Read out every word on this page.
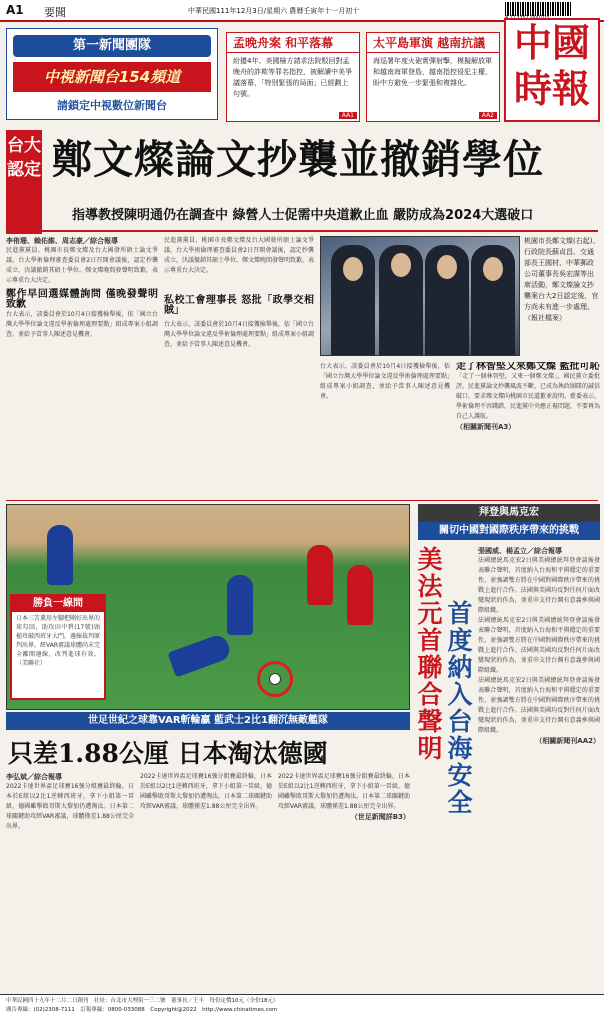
A1 要聞	中華民國111年12月3日/星期六 農曆壬寅年十一月初十
第一新聞團隊
中視新聞台154頻道
請鎖定中視數位新聞台
孟晚舟案 和平落幕
紛擾4年、美國檢方請求法院駁回對孟晚舟的詐欺等罪名指控，被解讀中美爭議落幕，「特別緊張的局面」已經劃上句號。
AA1
太平島軍演 越南抗議
海巡署年度火砲實彈射擊，模擬解放軍和越南海軍登島，越南指控侵犯主權，盼中方避免一步緊張和複雜化。
AA2
中國
時報
台大認定 鄭文燦論文抄襲並撤銷學位
指導教授陳明通仍在調查中 綠營人士促需中央道歉止血 嚴防成為2024大選破口
李侑珊、賴佑維、周志豪／綜合報導
民進黨黨員、桃園市長鄭文燦及台大國發所碩士論文爭議，台大學術倫理審查委員會2日召開會議後，認定抄襲成立，決議撤銷其碩士學位。鄭文燦晚間發聲明致歉，表示尊重台大決定。
鄭作早回選媒體詢問 僅晚發聲明致歉
台大表示，該委員會於10月4日接獲檢舉後，依「國立台灣大學學位論文違反學術倫理處理要點」組成專案小組調查，並給予當事人陳述意見機會。
民進黨黨員、桃園市長鄭文燦及台大國發所碩士論文爭議，台大學術倫理審查委員會2日召開會議後，認定抄襲成立，決議撤銷其碩士學位。鄭文燦晚間發聲明致歉，表示尊重台大決定。
私校工會理事長 怒批「政學交相賊」
台大表示，該委員會於10月4日接獲檢舉後，依「國立台灣大學學位論文違反學術倫理處理要點」組成專案小組調查，並給予當事人陳述意見機會。
桃園市長鄭文燦(右起)、行政院長蘇貞昌、交通部長王國材、中華郵政公司董事長吳宏謀等出席活動，鄭文燦論文抄襲案台大2日認定後，官方尚未有進一步處理。（報社檔案）
台大表示，該委員會於10月4日接獲檢舉後，依「國立台灣大學學位論文違反學術倫理處理要點」組成專案小組調查，並給予當事人陳述意見機會。
走了林智堅又來鄭文燦 藍批可恥
「走了一個林智堅，又來一個鄭文燦」，國民黨立委批評，民進黨論文抄襲風波不斷，已成為執政團隊的誠信破口，要求鄭文燦向桃園市民道歉並說明。藍委表示，學術倫理不容踐踏，民進黨中央應正視問題，不要再為自己人護航。
（相關新聞刊A3）
勝負一線間
日本三笘薰用左腳把剛好出界的球勾回，助攻田中碧(17號)頭槌攻破西班牙大門，邊線裁判原判出界，經VAR審議球體尚未完全離開邊線，改判進球有效。（美聯社）
世足世紀之球靠VAR斬輪贏 藍武士2比1翻沉無敵艦隊
只差1.88公厘 日本淘汰德國
李弘斌／綜合報導
2022卡達世界盃足球賽16強分組賽最終輪，日本於E組以2比1逆轉西班牙，拿下小組第一晉級，德國雖擊敗哥斯大黎加仍遭淘汰。日本第二球關鍵助攻經VAR審議，球體僅差1.88公厘完全出界。
2022卡達世界盃足球賽16強分組賽最終輪，日本於E組以2比1逆轉西班牙，拿下小組第一晉級，德國雖擊敗哥斯大黎加仍遭淘汰。日本第二球關鍵助攻經VAR審議，球體僅差1.88公厘完全出界。
2022卡達世界盃足球賽16強分組賽最終輪，日本於E組以2比1逆轉西班牙，拿下小組第一晉級，德國雖擊敗哥斯大黎加仍遭淘汰。日本第二球關鍵助攻經VAR審議，球體僅差1.88公厘完全出界。
（世足新聞詳B3）
拜登與馬克宏
關切中國對國際秩序帶來的挑戰
美法元首聯合聲明 首度納入台海安全
張國威、楊孟立／綜合報導
法國總統馬克宏2日與美國總統拜登會談後發表聯合聲明，首度納入台海和平與穩定的重要性，並強調雙方將在中國對國際秩序帶來的挑戰上進行合作。法國與美國均反對任何片面改變現狀的作為，並重申支持台灣有意義參與國際組織。
法國總統馬克宏2日與美國總統拜登會談後發表聯合聲明，首度納入台海和平與穩定的重要性，並強調雙方將在中國對國際秩序帶來的挑戰上進行合作。法國與美國均反對任何片面改變現狀的作為，並重申支持台灣有意義參與國際組織。
法國總統馬克宏2日與美國總統拜登會談後發表聯合聲明，首度納入台海和平與穩定的重要性，並強調雙方將在中國對國際秩序帶來的挑戰上進行合作。法國與美國均反對任何片面改變現狀的作為，並重申支持台灣有意義參與國際組織。
（相關新聞刊AA2）
中華民國四十九年十二月二日創刊　社址：台北市大理街一三二號　董事長／王丰　每份定價10元（全份18元）
廣告專線：(02)2308-7111　訂報專線：0800-033088　Copyright@2022　http://www.chinatimes.com
